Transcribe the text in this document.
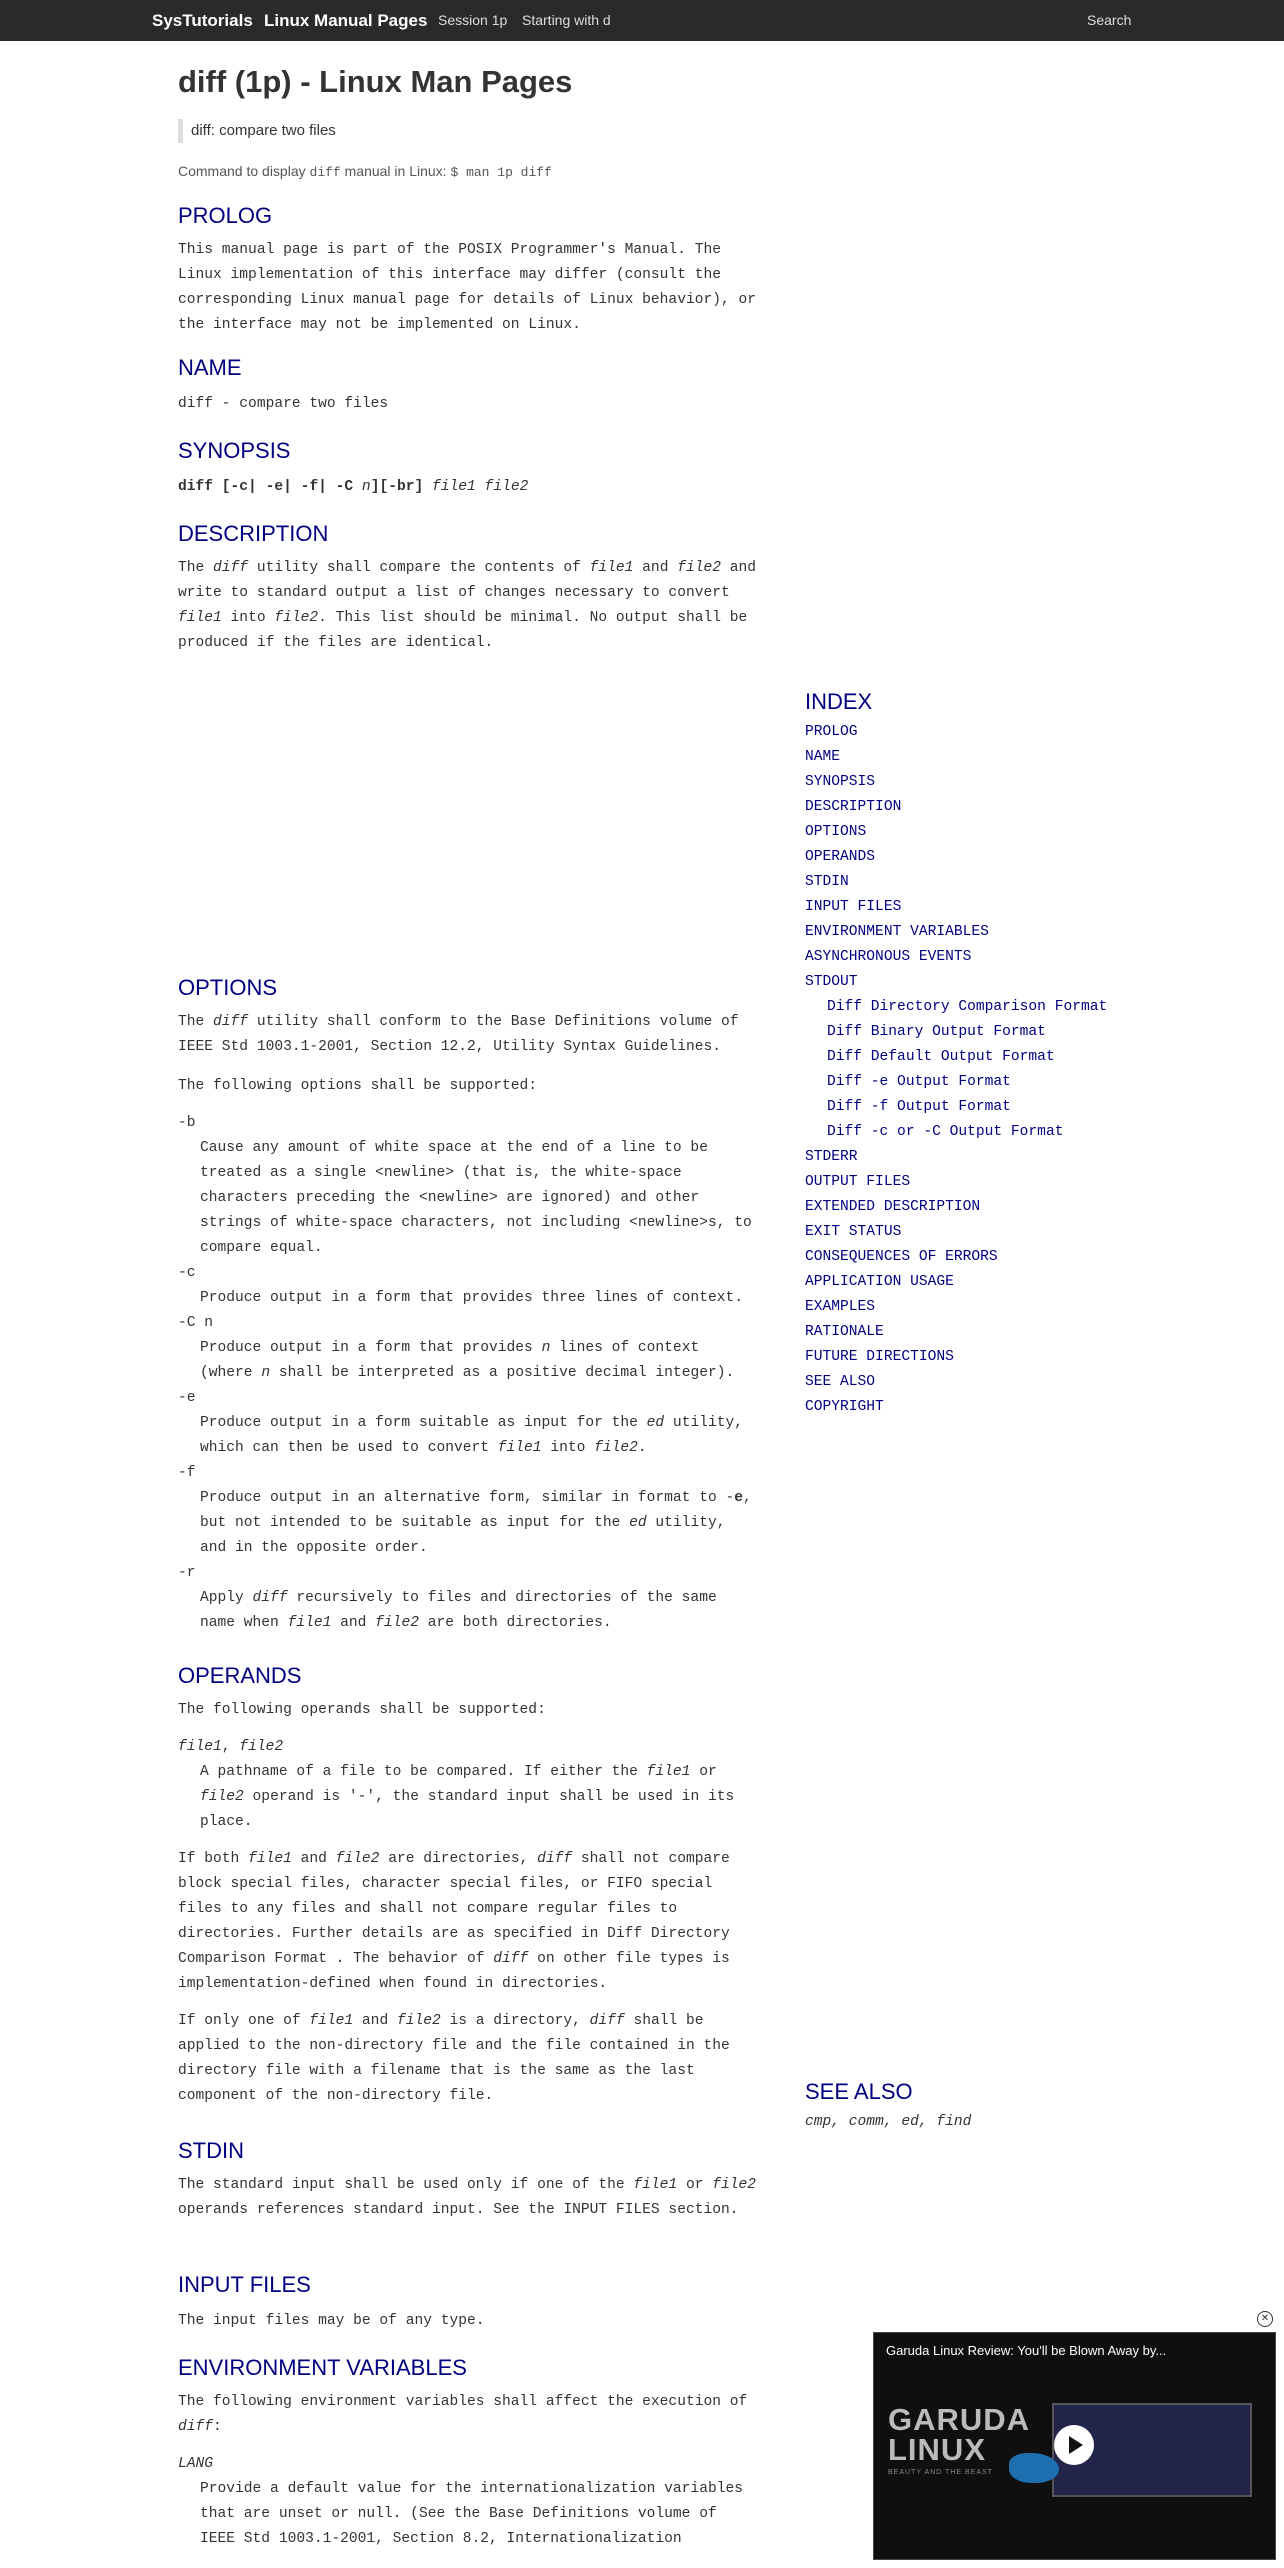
SysTutorials Linux Manual Pages Session 1p Starting with d	Search
diff (1p) - Linux Man Pages
diff: compare two files
Command to display diff manual in Linux: $ man 1p diff
PROLOG

This manual page is part of the POSIX Programmer's Manual. The Linux implementation of this interface may differ (consult the corresponding Linux manual page for details of Linux behavior), or the interface may not be implemented on Linux.

NAME

diff - compare two files

SYNOPSIS

diff [-c| -e| -f| -C n][-br] file1 file2

DESCRIPTION

The diff utility shall compare the contents of file1 and file2 and write to standard output a list of changes necessary to convert file1 into file2. This list should be minimal. No output shall be produced if the files are identical.

OPTIONS

The diff utility shall conform to the Base Definitions volume of IEEE Std 1003.1-2001, Section 12.2, Utility Syntax Guidelines.

The following options shall be supported:

-b
Cause any amount of white space at the end of a line to be treated as a single <newline> (that is, the white-space characters preceding the <newline> are ignored) and other strings of white-space characters, not including <newline>s, to compare equal.
-c
Produce output in a form that provides three lines of context.
-C n
Produce output in a form that provides n lines of context (where n shall be interpreted as a positive decimal integer).
-e
Produce output in a form suitable as input for the ed utility, which can then be used to convert file1 into file2.
-f
Produce output in an alternative form, similar in format to -e, but not intended to be suitable as input for the ed utility, and in the opposite order.
-r
Apply diff recursively to files and directories of the same name when file1 and file2 are both directories.
OPERANDS

The following operands shall be supported:

file1, file2
A pathname of a file to be compared. If either the file1 or file2 operand is '-', the standard input shall be used in its place.

If both file1 and file2 are directories, diff shall not compare block special files, character special files, or FIFO special files to any files and shall not compare regular files to directories. Further details are as specified in Diff Directory Comparison Format . The behavior of diff on other file types is implementation-defined when found in directories.

If only one of file1 and file2 is a directory, diff shall be applied to the non-directory file and the file contained in the directory file with a filename that is the same as the last component of the non-directory file.

STDIN

The standard input shall be used only if one of the file1 or file2 operands references standard input. See the INPUT FILES section.

INPUT FILES

The input files may be of any type.

ENVIRONMENT VARIABLES

The following environment variables shall affect the execution of diff:

LANG
Provide a default value for the internationalization variables that are unset or null. (See the Base Definitions volume of IEEE Std 1003.1-2001, Section 8.2, Internationalization
INDEX
PROLOG
NAME
SYNOPSIS
DESCRIPTION
OPTIONS
OPERANDS
STDIN
INPUT FILES
ENVIRONMENT VARIABLES
ASYNCHRONOUS EVENTS
STDOUT
Diff Directory Comparison Format
Diff Binary Output Format
Diff Default Output Format
Diff -e Output Format
Diff -f Output Format
Diff -c or -C Output Format
STDERR
OUTPUT FILES
EXTENDED DESCRIPTION
EXIT STATUS
CONSEQUENCES OF ERRORS
APPLICATION USAGE
EXAMPLES
RATIONALE
FUTURE DIRECTIONS
SEE ALSO
COPYRIGHT
SEE ALSO

cmp, comm, ed, find

✕
Garuda Linux Review: You'll be Blown Away by...
GARUDA
LINUX
BEAUTY AND THE BEAST
